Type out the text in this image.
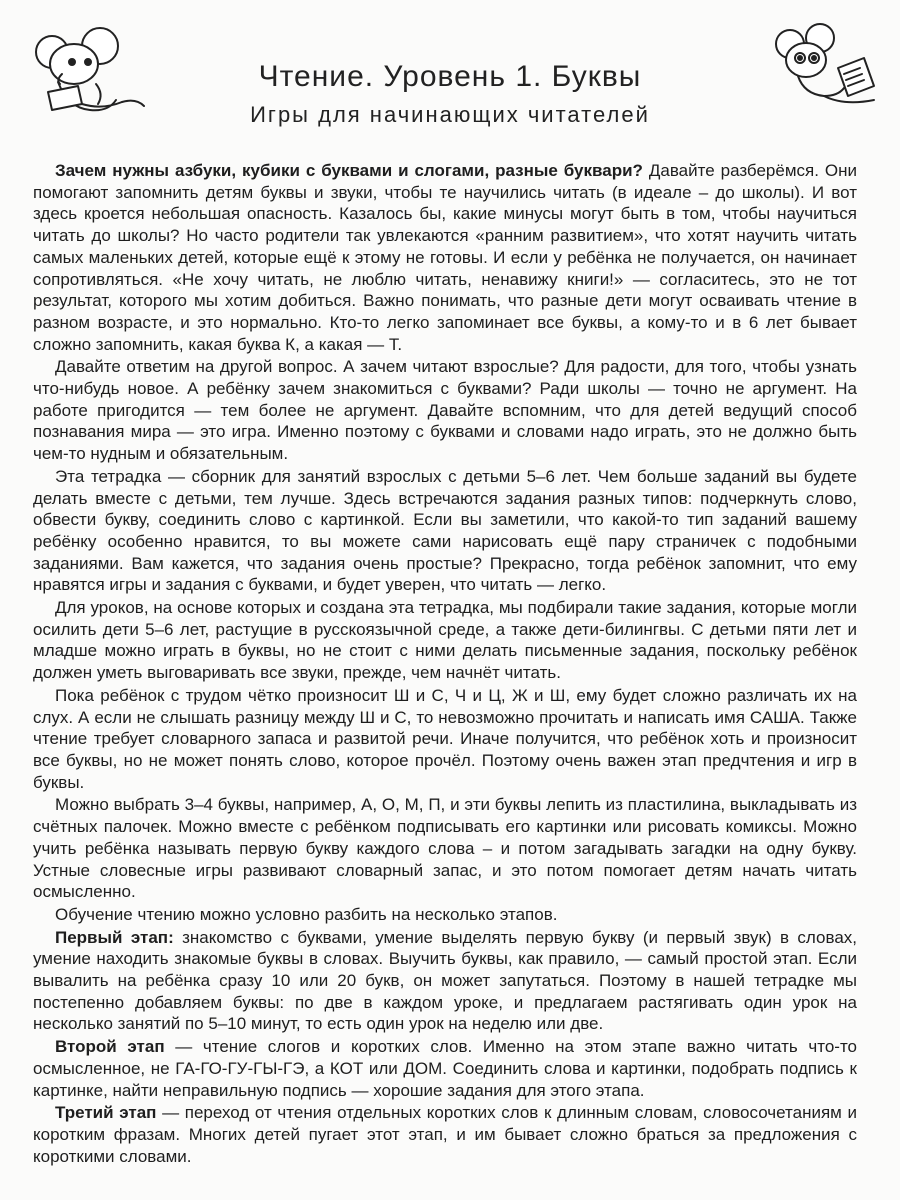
Чтение. Уровень 1. Буквы
Игры для начинающих читателей

Зачем нужны азбуки, кубики с буквами и слогами, разные буквари? Давайте разберёмся. Они помогают запомнить детям буквы и звуки, чтобы те научились читать (в идеале – до школы). И вот здесь кроется небольшая опасность. Казалось бы, какие минусы могут быть в том, чтобы научиться читать до школы? Но часто родители так увлекаются «ранним развитием», что хотят научить читать самых маленьких детей, которые ещё к этому не готовы. И если у ребёнка не получается, он начинает сопротивляться. «Не хочу читать, не люблю читать, ненавижу книги!» — согласитесь, это не тот результат, которого мы хотим добиться. Важно понимать, что разные дети могут осваивать чтение в разном возрасте, и это нормально. Кто-то легко запоминает все буквы, а кому-то и в 6 лет бывает сложно запомнить, какая буква К, а какая — Т.

Давайте ответим на другой вопрос. А зачем читают взрослые? Для радости, для того, чтобы узнать что-нибудь новое. А ребёнку зачем знакомиться с буквами? Ради школы — точно не аргумент. На работе пригодится — тем более не аргумент. Давайте вспомним, что для детей ведущий способ познавания мира — это игра. Именно поэтому с буквами и словами надо играть, это не должно быть чем-то нудным и обязательным.

Эта тетрадка — сборник для занятий взрослых с детьми 5–6 лет. Чем больше заданий вы будете делать вместе с детьми, тем лучше. Здесь встречаются задания разных типов: подчеркнуть слово, обвести букву, соединить слово с картинкой. Если вы заметили, что какой-то тип заданий вашему ребёнку особенно нравится, то вы можете сами нарисовать ещё пару страничек с подобными заданиями. Вам кажется, что задания очень простые? Прекрасно, тогда ребёнок запомнит, что ему нравятся игры и задания с буквами, и будет уверен, что читать — легко.

Для уроков, на основе которых и создана эта тетрадка, мы подбирали такие задания, которые могли осилить дети 5–6 лет, растущие в русскоязычной среде, а также дети-билингвы. С детьми пяти лет и младше можно играть в буквы, но не стоит с ними делать письменные задания, поскольку ребёнок должен уметь выговаривать все звуки, прежде, чем начнёт читать.

Пока ребёнок с трудом чётко произносит Ш и С, Ч и Ц, Ж и Ш, ему будет сложно различать их на слух. А если не слышать разницу между Ш и С, то невозможно прочитать и написать имя САША. Также чтение требует словарного запаса и развитой речи. Иначе получится, что ребёнок хоть и произносит все буквы, но не может понять слово, которое прочёл. Поэтому очень важен этап предчтения и игр в буквы.

Можно выбрать 3–4 буквы, например, А, О, М, П, и эти буквы лепить из пластилина, выкладывать из счётных палочек. Можно вместе с ребёнком подписывать его картинки или рисовать комиксы. Можно учить ребёнка называть первую букву каждого слова – и потом загадывать загадки на одну букву. Устные словесные игры развивают словарный запас, и это потом помогает детям начать читать осмысленно.

Обучение чтению можно условно разбить на несколько этапов.

Первый этап: знакомство с буквами, умение выделять первую букву (и первый звук) в словах, умение находить знакомые буквы в словах. Выучить буквы, как правило, — самый простой этап. Если вывалить на ребёнка сразу 10 или 20 букв, он может запутаться. Поэтому в нашей тетрадке мы постепенно добавляем буквы: по две в каждом уроке, и предлагаем растягивать один урок на несколько занятий по 5–10 минут, то есть один урок на неделю или две.

Второй этап — чтение слогов и коротких слов. Именно на этом этапе важно читать что-то осмысленное, не ГА-ГО-ГУ-ГЫ-ГЭ, а КОТ или ДОМ. Соединить слова и картинки, подобрать подпись к картинке, найти неправильную подпись — хорошие задания для этого этапа.

Третий этап — переход от чтения отдельных коротких слов к длинным словам, словосочетаниям и коротким фразам. Многих детей пугает этот этап, и им бывает сложно браться за предложения с короткими словами.
